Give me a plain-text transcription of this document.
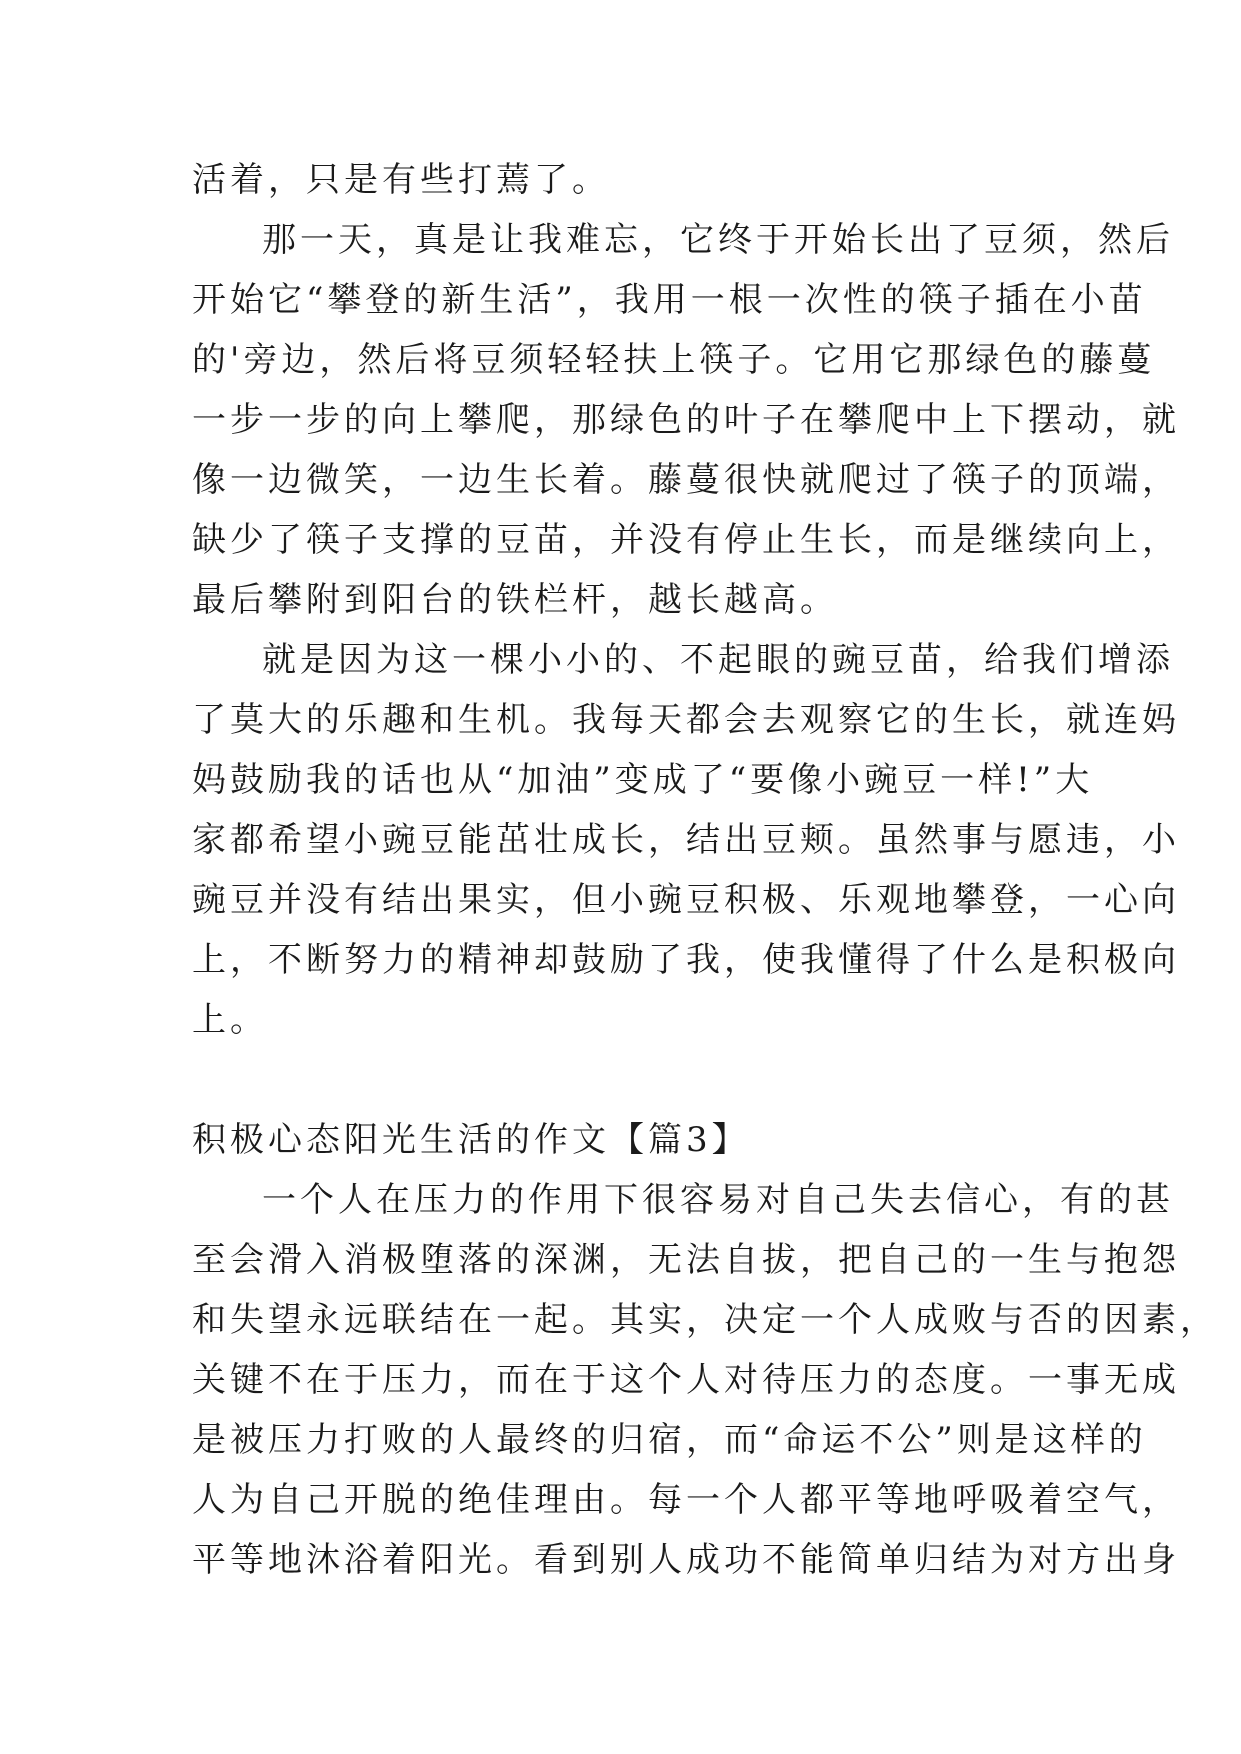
活着，只是有些打蔫了。
那一天，真是让我难忘，它终于开始长出了豆须，然后
开始它“攀登的新生活”，我用一根一次性的筷子插在小苗
的'旁边，然后将豆须轻轻扶上筷子。它用它那绿色的藤蔓
一步一步的向上攀爬，那绿色的叶子在攀爬中上下摆动，就
像一边微笑，一边生长着。藤蔓很快就爬过了筷子的顶端，
缺少了筷子支撑的豆苗，并没有停止生长，而是继续向上，
最后攀附到阳台的铁栏杆，越长越高。
就是因为这一棵小小的、不起眼的豌豆苗，给我们增添
了莫大的乐趣和生机。我每天都会去观察它的生长，就连妈
妈鼓励我的话也从“加油”变成了“要像小豌豆一样!”大
家都希望小豌豆能茁壮成长，结出豆颊。虽然事与愿违，小
豌豆并没有结出果实，但小豌豆积极、乐观地攀登，一心向
上，不断努力的精神却鼓励了我，使我懂得了什么是积极向
上。
积极心态阳光生活的作文【篇3】
一个人在压力的作用下很容易对自己失去信心，有的甚
至会滑入消极堕落的深渊，无法自拔，把自己的一生与抱怨
和失望永远联结在一起。其实，决定一个人成败与否的因素，
关键不在于压力，而在于这个人对待压力的态度。一事无成
是被压力打败的人最终的归宿，而“命运不公”则是这样的
人为自己开脱的绝佳理由。每一个人都平等地呼吸着空气，
平等地沐浴着阳光。看到别人成功不能简单归结为对方出身
